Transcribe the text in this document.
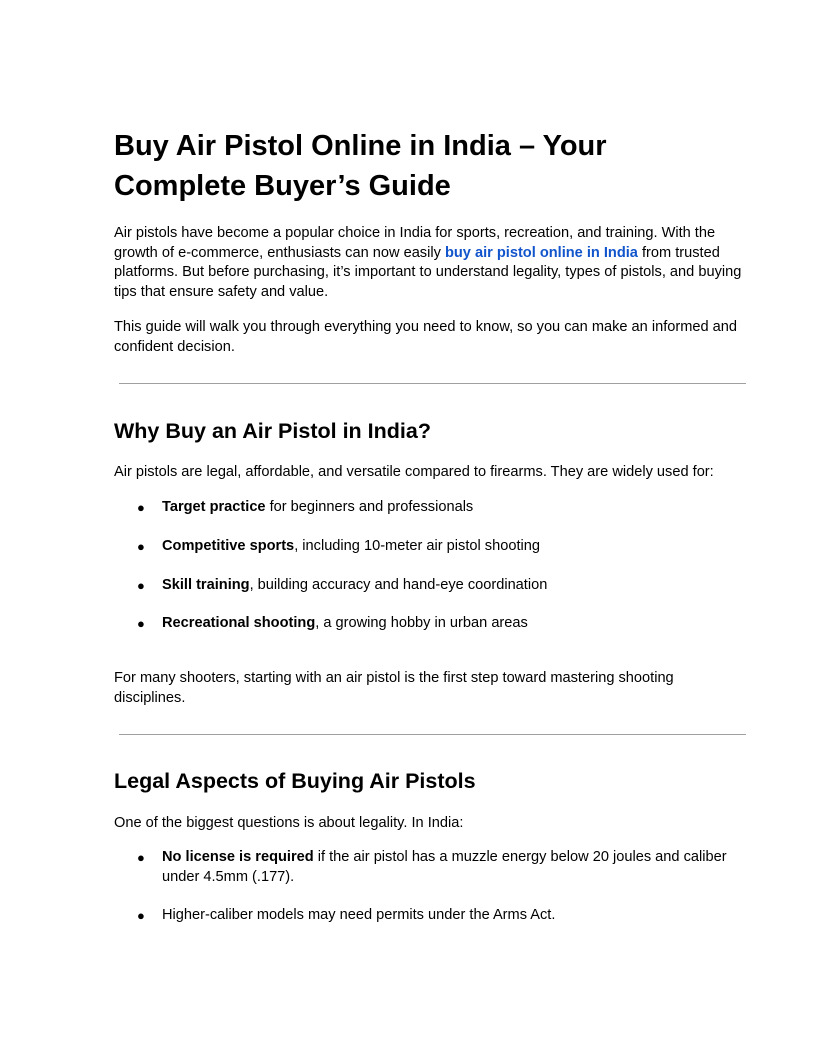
Buy Air Pistol Online in India – Your Complete Buyer’s Guide

Air pistols have become a popular choice in India for sports, recreation, and training. With the growth of e-commerce, enthusiasts can now easily buy air pistol online in India from trusted platforms. But before purchasing, it’s important to understand legality, types of pistols, and buying tips that ensure safety and value.

This guide will walk you through everything you need to know, so you can make an informed and confident decision.

Why Buy an Air Pistol in India?

Air pistols are legal, affordable, and versatile compared to firearms. They are widely used for:

● Target practice for beginners and professionals
● Competitive sports, including 10-meter air pistol shooting
● Skill training, building accuracy and hand-eye coordination
● Recreational shooting, a growing hobby in urban areas

For many shooters, starting with an air pistol is the first step toward mastering shooting disciplines.

Legal Aspects of Buying Air Pistols

One of the biggest questions is about legality. In India:

● No license is required if the air pistol has a muzzle energy below 20 joules and caliber under 4.5mm (.177).
● Higher-caliber models may need permits under the Arms Act.
